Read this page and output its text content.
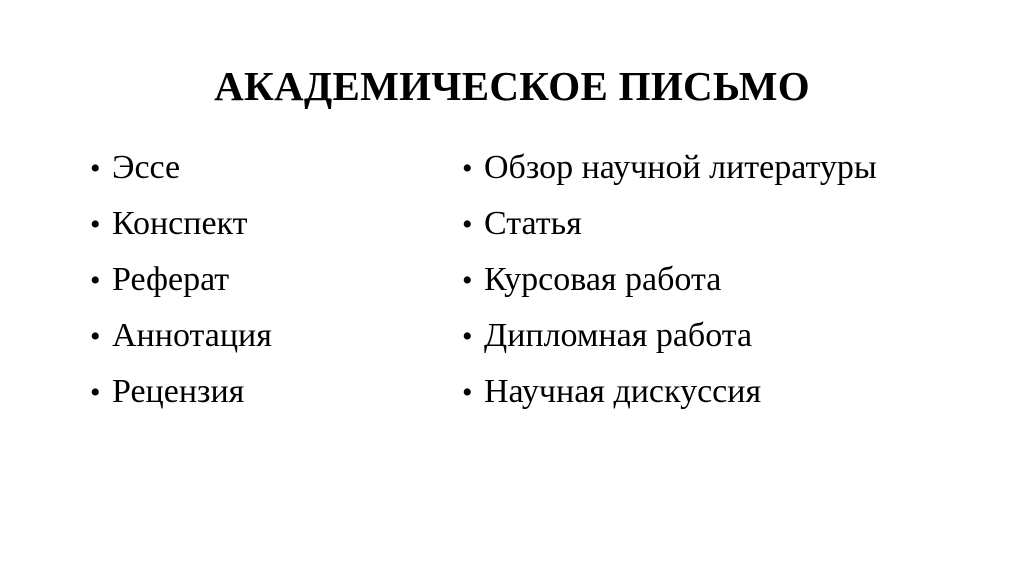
АКАДЕМИЧЕСКОЕ ПИСЬМО
• Эссе
• Конспект
• Реферат
• Аннотация
• Рецензия
• Обзор научной литературы
• Статья
• Курсовая работа
• Дипломная работа
• Научная дискуссия
